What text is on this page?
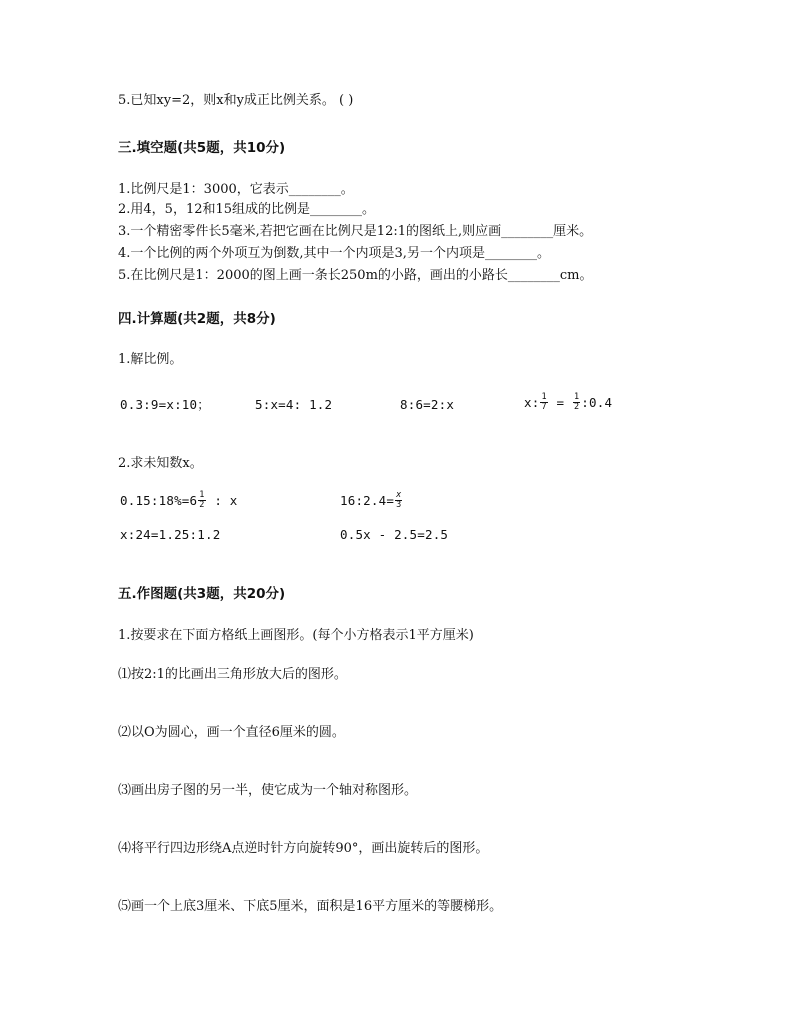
5.已知xy=2，则x和y成正比例关系。 ( )
三.填空题(共5题，共10分)
1.比例尺是1：3000，它表示________。
2.用4，5，12和15组成的比例是________。
3.一个精密零件长5毫米,若把它画在比例尺是12:1的图纸上,则应画________厘米。
4.一个比例的两个外项互为倒数,其中一个内项是3,另一个内项是________。
5.在比例尺是1：2000的图上画一条长250m的小路，画出的小路长________cm。
四.计算题(共2题，共8分)
1.解比例。
0.3:9=x:10；	5:x=4: 1.2	8:6=2:x	x: $\frac{1}{7} = \frac{1}{2}$ :0.4
2.求未知数x。
0.15:18%=6 $\frac{1}{2}$ : x	16:2.4= $\frac{x}{3}$
x:24=1.25:1.2	0.5x - 2.5=2.5
五.作图题(共3题，共20分)
1.按要求在下面方格纸上画图形。(每个小方格表示1平方厘米)
⑴按2:1的比画出三角形放大后的图形。
⑵以O为圆心，画一个直径6厘米的圆。
⑶画出房子图的另一半，使它成为一个轴对称图形。
⑷将平行四边形绕A点逆时针方向旋转90°，画出旋转后的图形。
⑸画一个上底3厘米、下底5厘米，面积是16平方厘米的等腰梯形。
